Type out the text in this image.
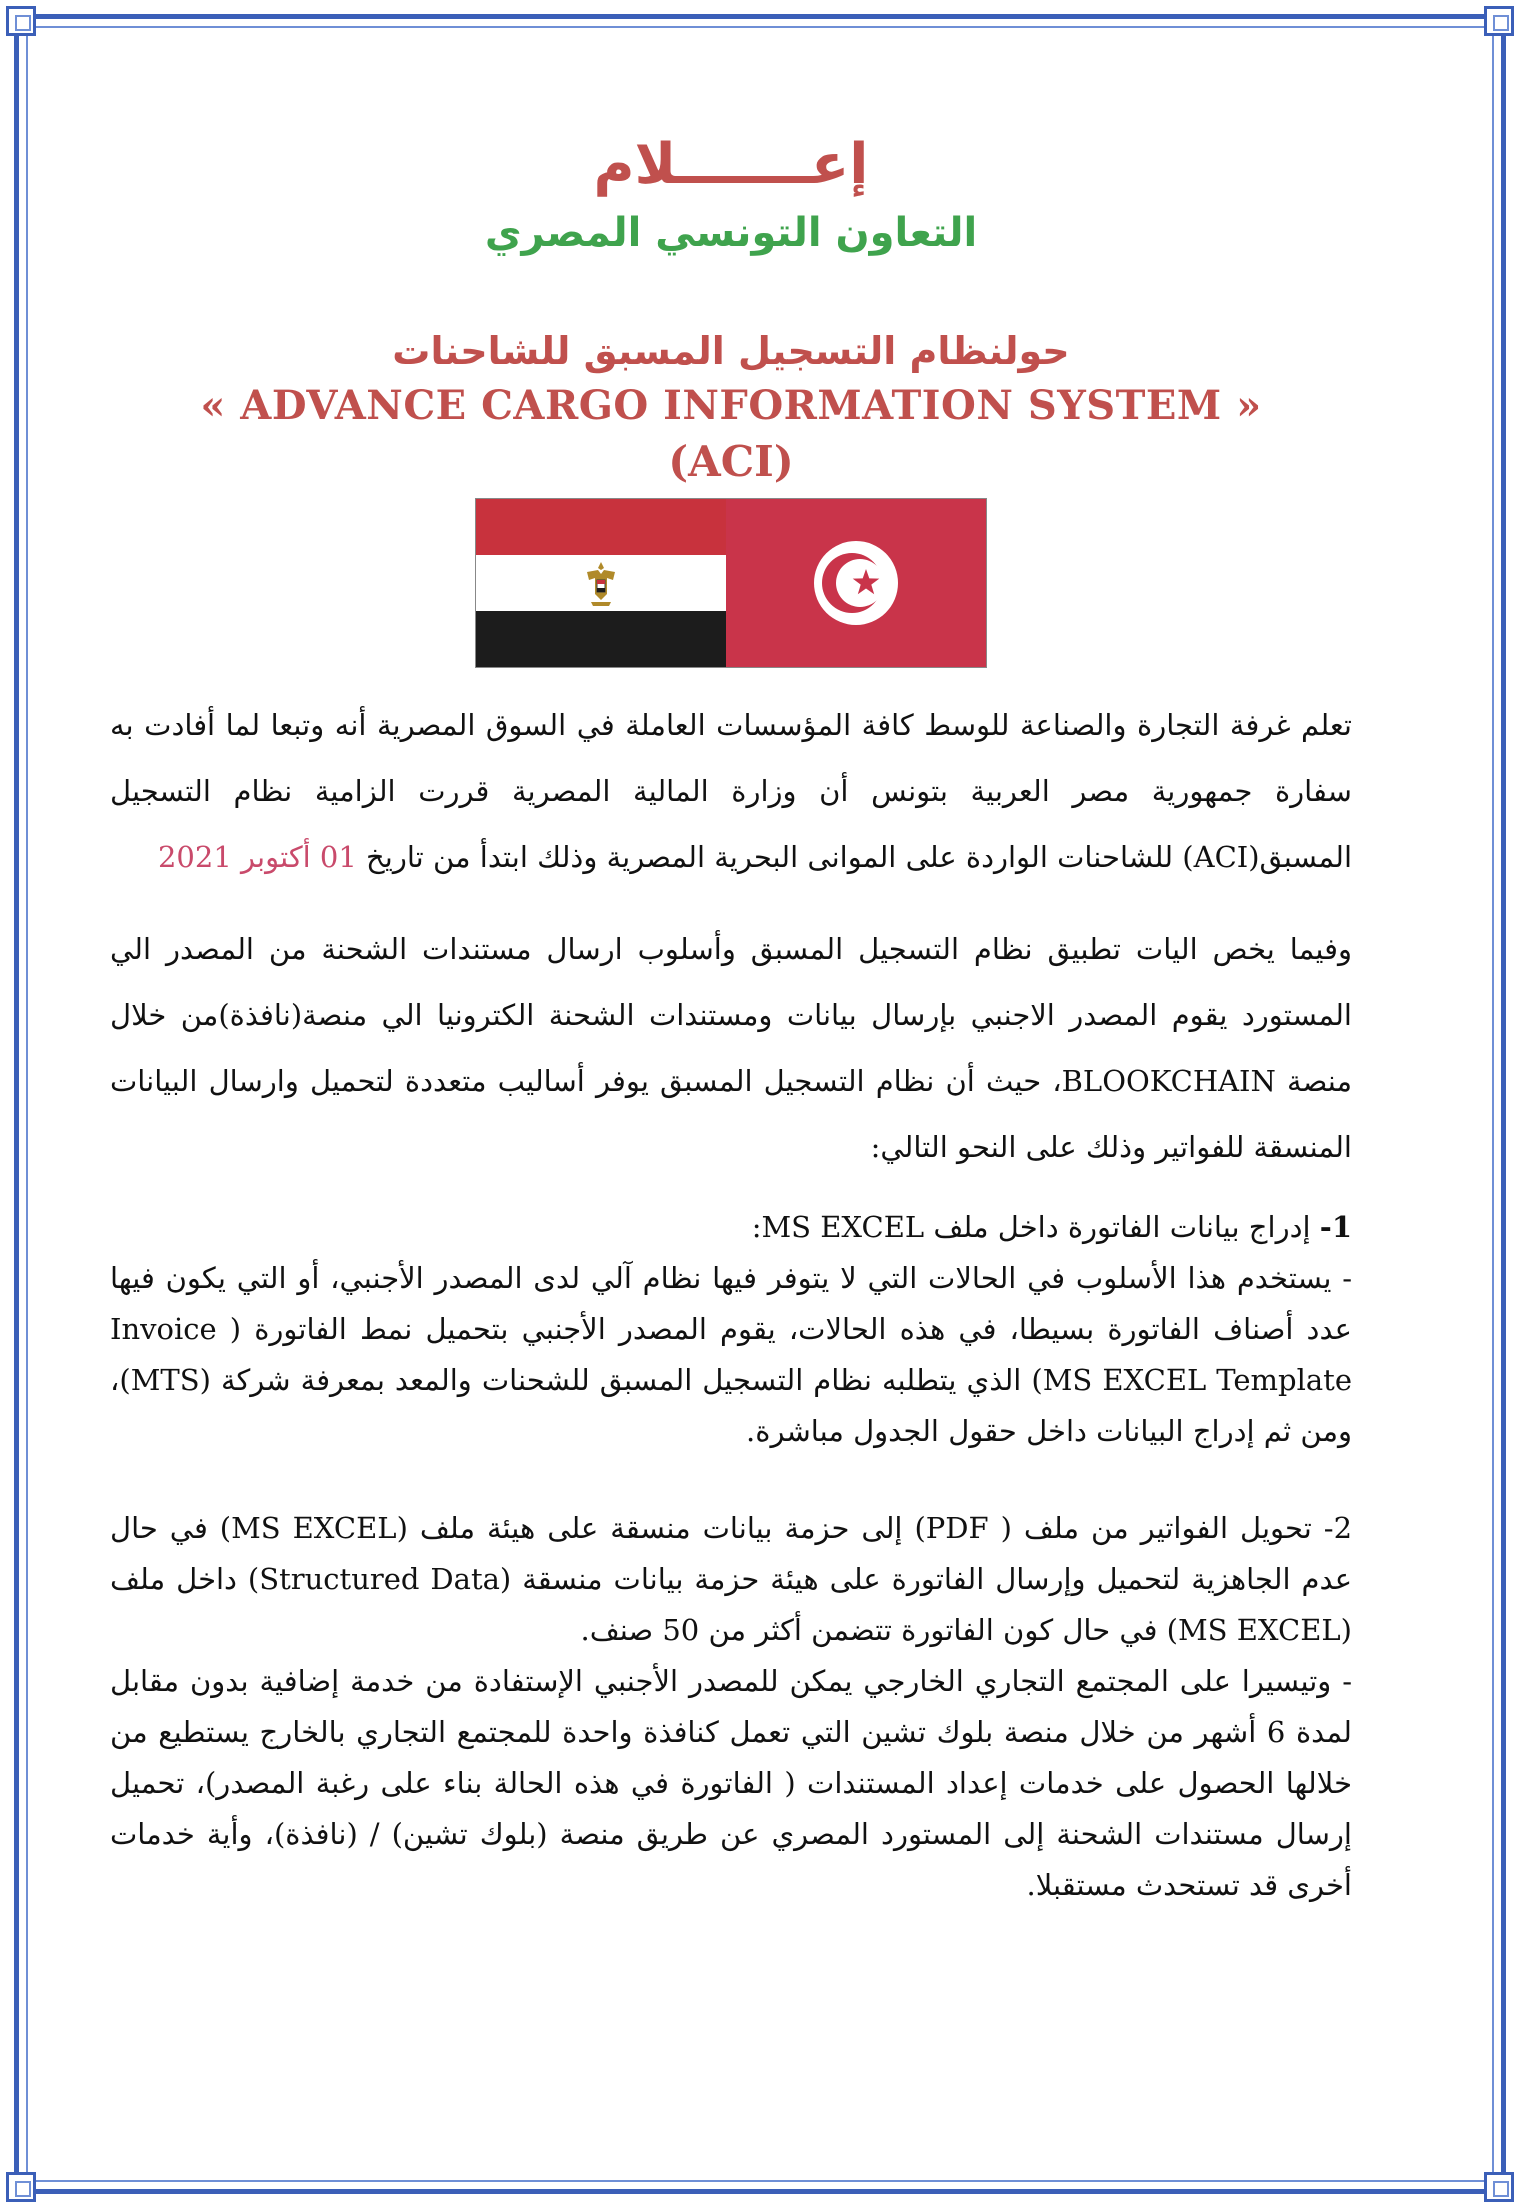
إعـــــــلام
التعاون التونسي المصري
حولنظام التسجيل المسبق للشاحنات
« ADVANCE CARGO INFORMATION SYSTEM »
(ACI)

تعلم غرفة التجارة والصناعة للوسط كافة المؤسسات العاملة في السوق المصرية أنه وتبعا لما أفادت به سفارة جمهورية مصر العربية بتونس أن وزارة المالية المصرية قررت الزامية نظام التسجيل المسبق(ACI) للشاحنات الواردة على الموانى البحرية المصرية وذلك ابتدأ من تاريخ 01 أكتوبر 2021

وفيما يخص اليات تطبيق نظام التسجيل المسبق وأسلوب ارسال مستندات الشحنة من المصدر الي المستورد يقوم المصدر الاجنبي بإرسال بيانات ومستندات الشحنة الكترونيا الي منصة(نافذة)من خلال منصة BLOOKCHAIN، حيث أن نظام التسجيل المسبق يوفر أساليب متعددة لتحميل وارسال البيانات المنسقة للفواتير وذلك على النحو التالي:

1- إدراج بيانات الفاتورة داخل ملف MS EXCEL:

- يستخدم هذا الأسلوب في الحالات التي لا يتوفر فيها نظام آلي لدى المصدر الأجنبي، أو التي يكون فيها عدد أصناف الفاتورة بسيطا، في هذه الحالات، يقوم المصدر الأجنبي بتحميل نمط الفاتورة ( Invoice MS EXCEL Template) الذي يتطلبه نظام التسجيل المسبق للشحنات والمعد بمعرفة شركة (MTS)، ومن ثم إدراج البيانات داخل حقول الجدول مباشرة.

2- تحويل الفواتير من ملف ( PDF) إلى حزمة بيانات منسقة على هيئة ملف (MS EXCEL) في حال عدم الجاهزية لتحميل وإرسال الفاتورة على هيئة حزمة بيانات منسقة (Structured Data) داخل ملف (MS EXCEL) في حال كون الفاتورة تتضمن أكثر من 50 صنف.

- وتيسيرا على المجتمع التجاري الخارجي يمكن للمصدر الأجنبي الإستفادة من خدمة إضافية بدون مقابل لمدة 6 أشهر من خلال منصة بلوك تشين التي تعمل كنافذة واحدة للمجتمع التجاري بالخارج يستطيع من خلالها الحصول على خدمات إعداد المستندات ( الفاتورة في هذه الحالة بناء على رغبة المصدر)، تحميل إرسال مستندات الشحنة إلى المستورد المصري عن طريق منصة (بلوك تشين) / (نافذة)، وأية خدمات أخرى قد تستحدث مستقبلا.
